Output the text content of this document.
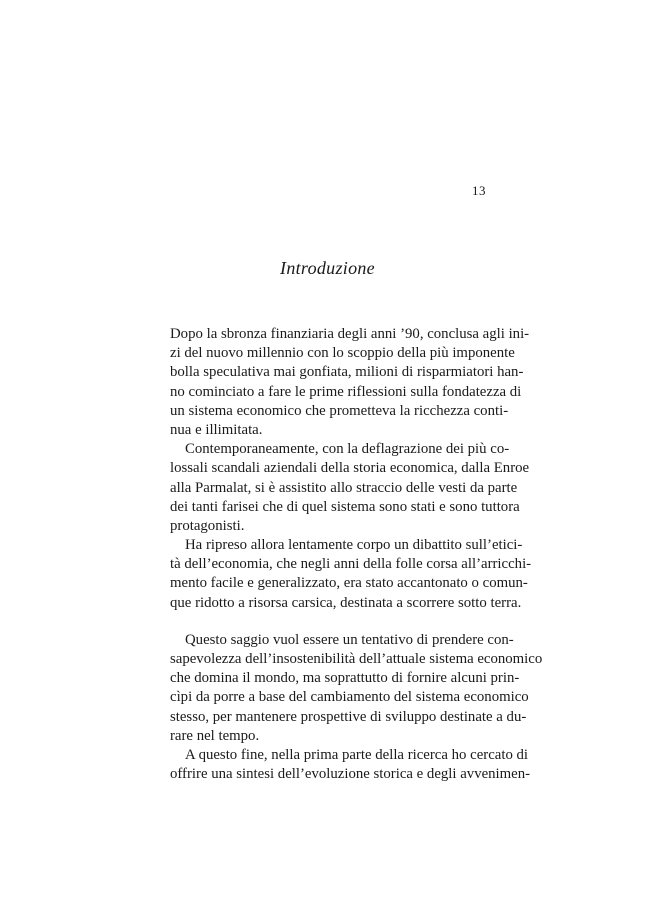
13
Introduzione
Dopo la sbronza finanziaria degli anni ’90, conclusa agli ini-
zi del nuovo millennio con lo scoppio della più imponente
bolla speculativa mai gonfiata, milioni di risparmiatori han-
no cominciato a fare le prime riflessioni sulla fondatezza di
un sistema economico che prometteva la ricchezza conti-
nua e illimitata.
Contemporaneamente, con la deflagrazione dei più co-
lossali scandali aziendali della storia economica, dalla Enroe
alla Parmalat, si è assistito allo straccio delle vesti da parte
dei tanti farisei che di quel sistema sono stati e sono tuttora
protagonisti.
Ha ripreso allora lentamente corpo un dibattito sull’etici-
tà dell’economia, che negli anni della folle corsa all’arricchi-
mento facile e generalizzato, era stato accantonato o comun-
que ridotto a risorsa carsica, destinata a scorrere sotto terra.
Questo saggio vuol essere un tentativo di prendere con-
sapevolezza dell’insostenibilità dell’attuale sistema economico
che domina il mondo, ma soprattutto di fornire alcuni prin-
cìpi da porre a base del cambiamento del sistema economico
stesso, per mantenere prospettive di sviluppo destinate a du-
rare nel tempo.
A questo fine, nella prima parte della ricerca ho cercato di
offrire una sintesi dell’evoluzione storica e degli avvenimen-
